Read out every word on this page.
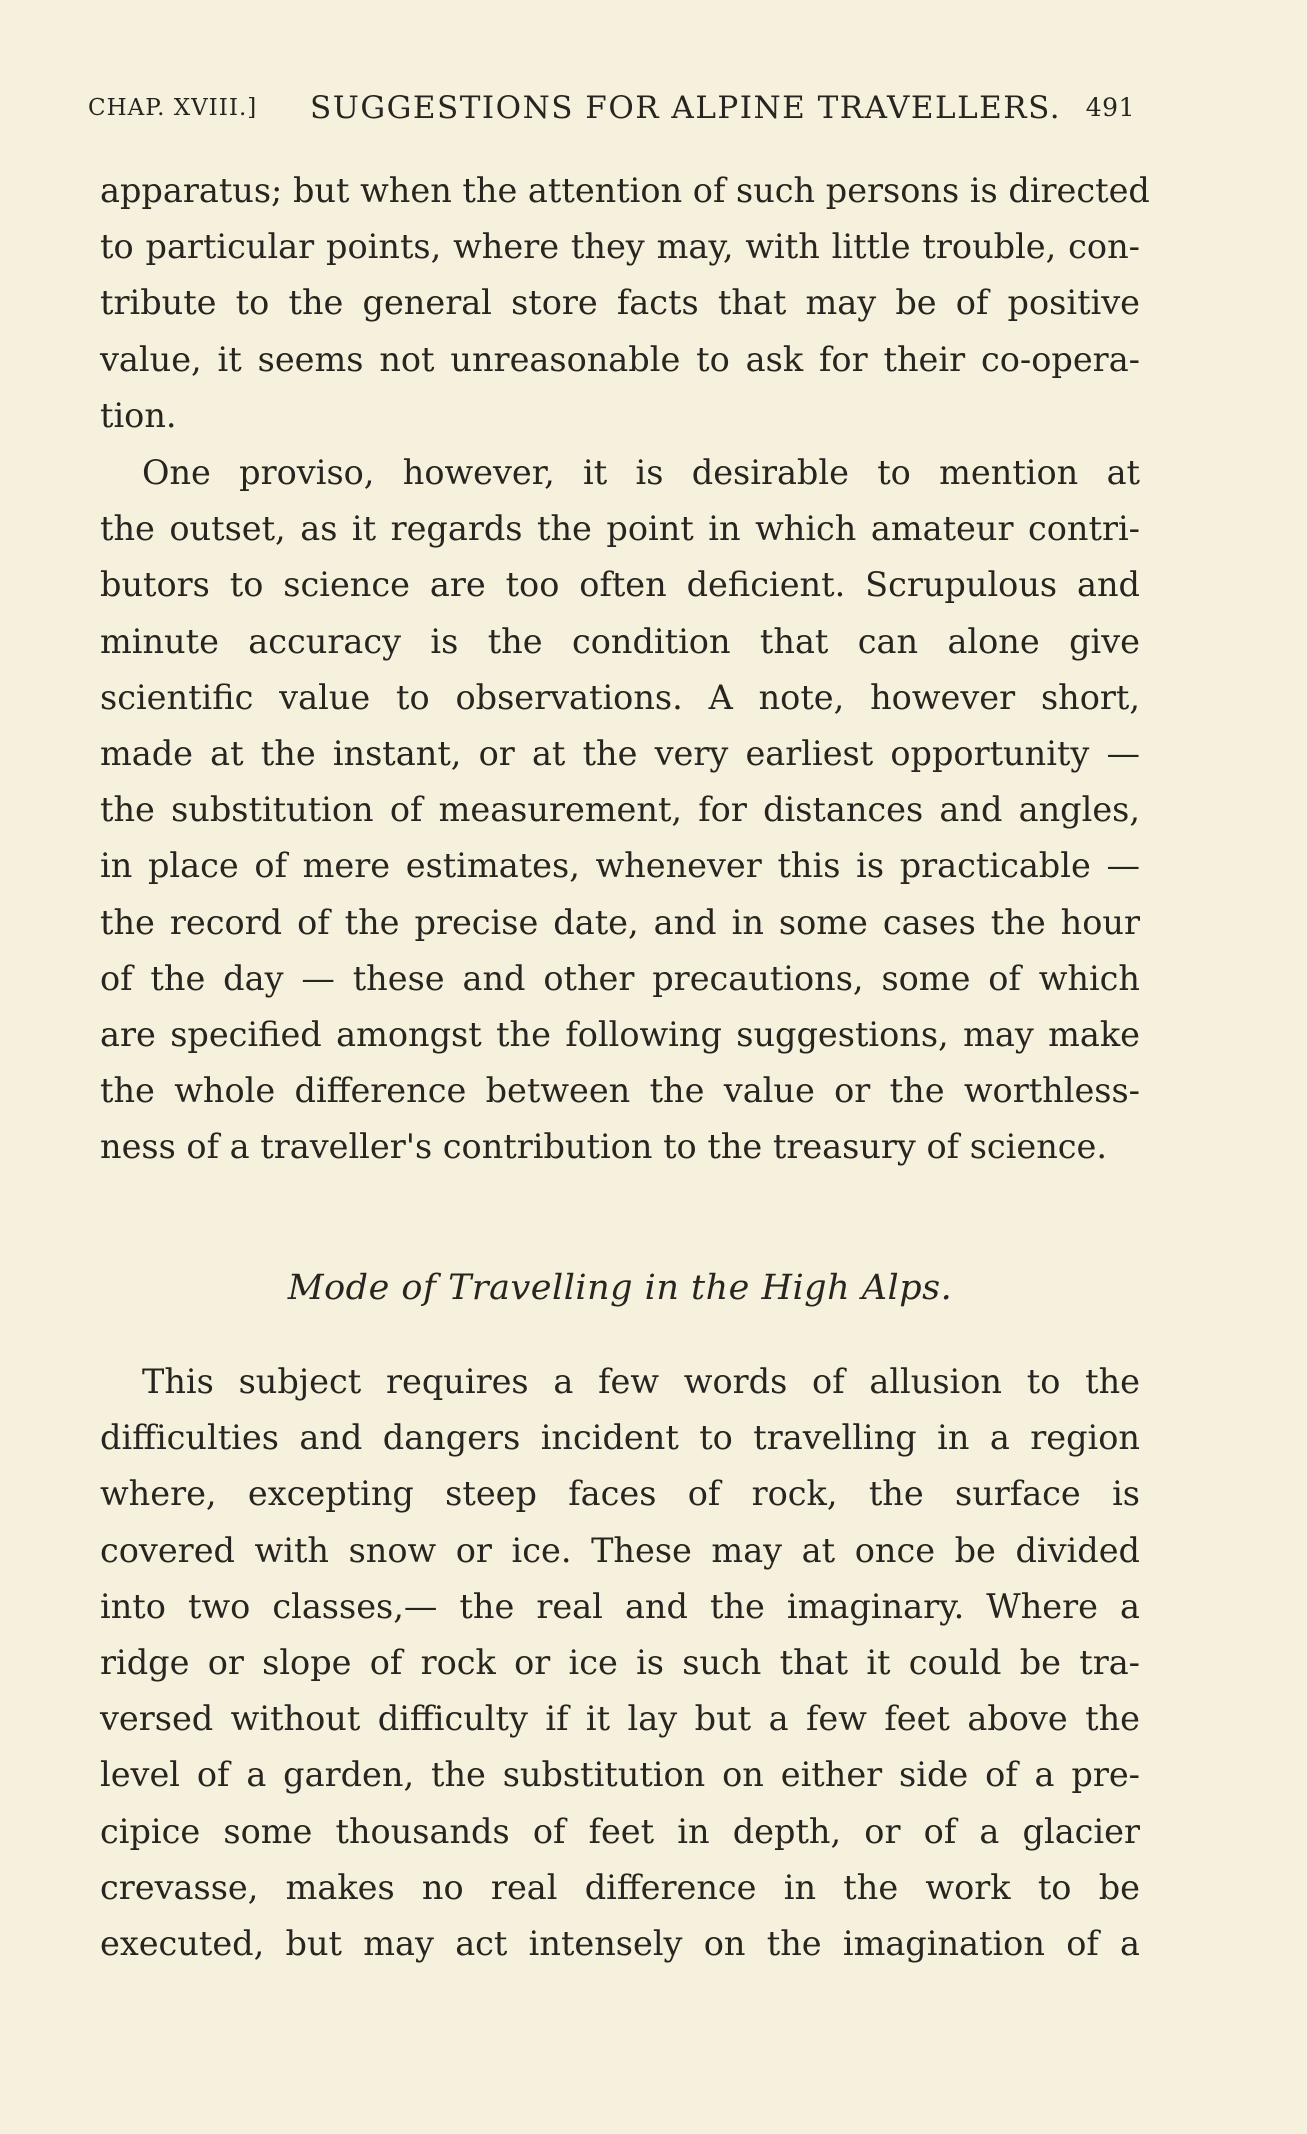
CHAP. XVIII.] SUGGESTIONS FOR ALPINE TRAVELLERS. 491
apparatus; but when the attention of such persons is directed
to particular points, where they may, with little trouble, con-
tribute to the general store facts that may be of positive
value, it seems not unreasonable to ask for their co-opera-
tion.
One proviso, however, it is desirable to mention at
the outset, as it regards the point in which amateur contri-
butors to science are too often deficient. Scrupulous and
minute accuracy is the condition that can alone give
scientific value to observations. A note, however short,
made at the instant, or at the very earliest opportunity —
the substitution of measurement, for distances and angles,
in place of mere estimates, whenever this is practicable —
the record of the precise date, and in some cases the hour
of the day — these and other precautions, some of which
are specified amongst the following suggestions, may make
the whole difference between the value or the worthless-
ness of a traveller's contribution to the treasury of science.
Mode of Travelling in the High Alps.
This subject requires a few words of allusion to the
difficulties and dangers incident to travelling in a region
where, excepting steep faces of rock, the surface is
covered with snow or ice. These may at once be divided
into two classes,— the real and the imaginary. Where a
ridge or slope of rock or ice is such that it could be tra-
versed without difficulty if it lay but a few feet above the
level of a garden, the substitution on either side of a pre-
cipice some thousands of feet in depth, or of a glacier
crevasse, makes no real difference in the work to be
executed, but may act intensely on the imagination of a
